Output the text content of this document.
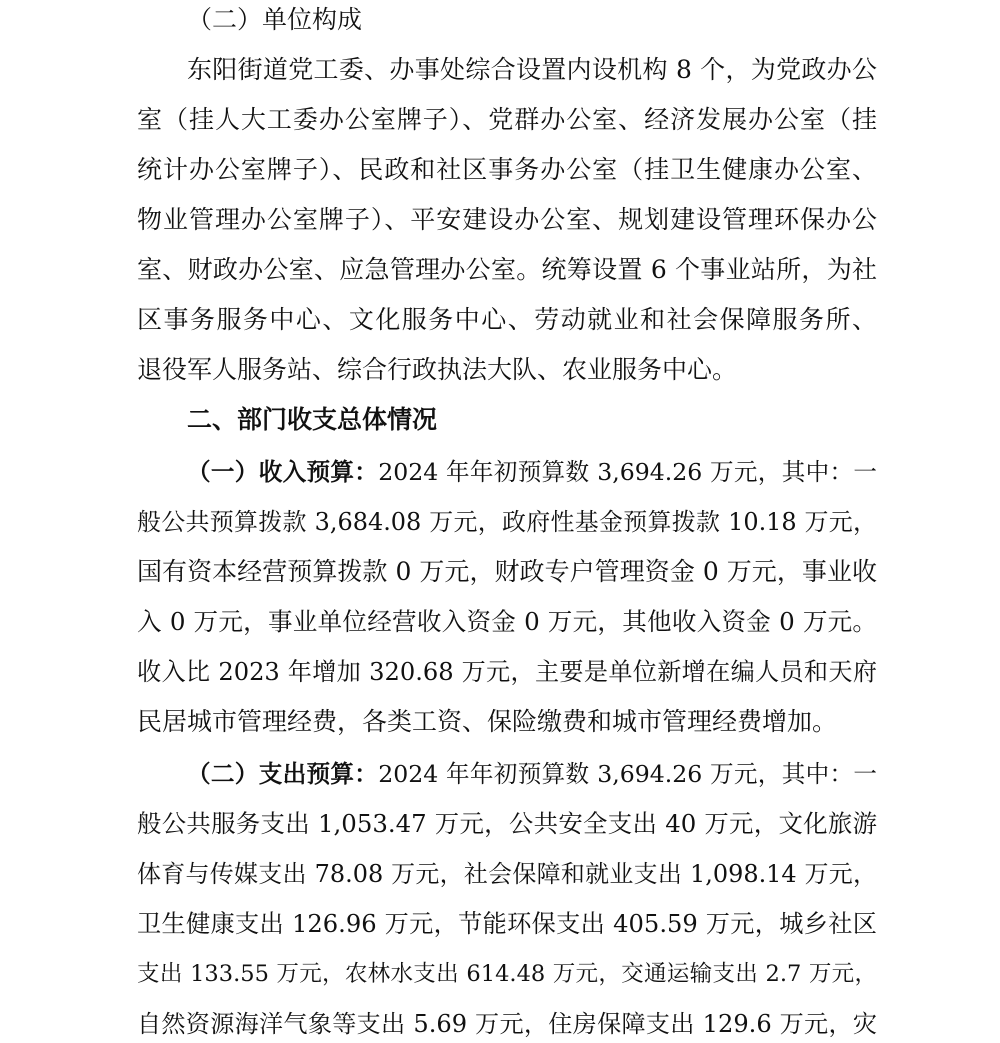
（二）单位构成
东阳街道党工委、办事处综合设置内设机构 8 个，为党政办公
室（挂人大工委办公室牌子）、党群办公室、经济发展办公室（挂
统计办公室牌子）、民政和社区事务办公室（挂卫生健康办公室、
物业管理办公室牌子）、平安建设办公室、规划建设管理环保办公
室、财政办公室、应急管理办公室。统筹设置 6 个事业站所，为社
区事务服务中心、文化服务中心、劳动就业和社会保障服务所、
退役军人服务站、综合行政执法大队、农业服务中心。
二、部门收支总体情况
（一）收入预算：2024 年年初预算数 3,694.26 万元，其中：一
般公共预算拨款 3,684.08 万元，政府性基金预算拨款 10.18 万元，
国有资本经营预算拨款 0 万元，财政专户管理资金 0 万元，事业收
入 0 万元，事业单位经营收入资金 0 万元，其他收入资金 0 万元。
收入比 2023 年增加 320.68 万元，主要是单位新增在编人员和天府
民居城市管理经费，各类工资、保险缴费和城市管理经费增加。
（二）支出预算：2024 年年初预算数 3,694.26 万元，其中：一
般公共服务支出 1,053.47 万元，公共安全支出 40 万元，文化旅游
体育与传媒支出 78.08 万元，社会保障和就业支出 1,098.14 万元，
卫生健康支出 126.96 万元，节能环保支出 405.59 万元，城乡社区
支出 133.55 万元，农林水支出 614.48 万元，交通运输支出 2.7 万元，
自然资源海洋气象等支出 5.69 万元，住房保障支出 129.6 万元，灾
